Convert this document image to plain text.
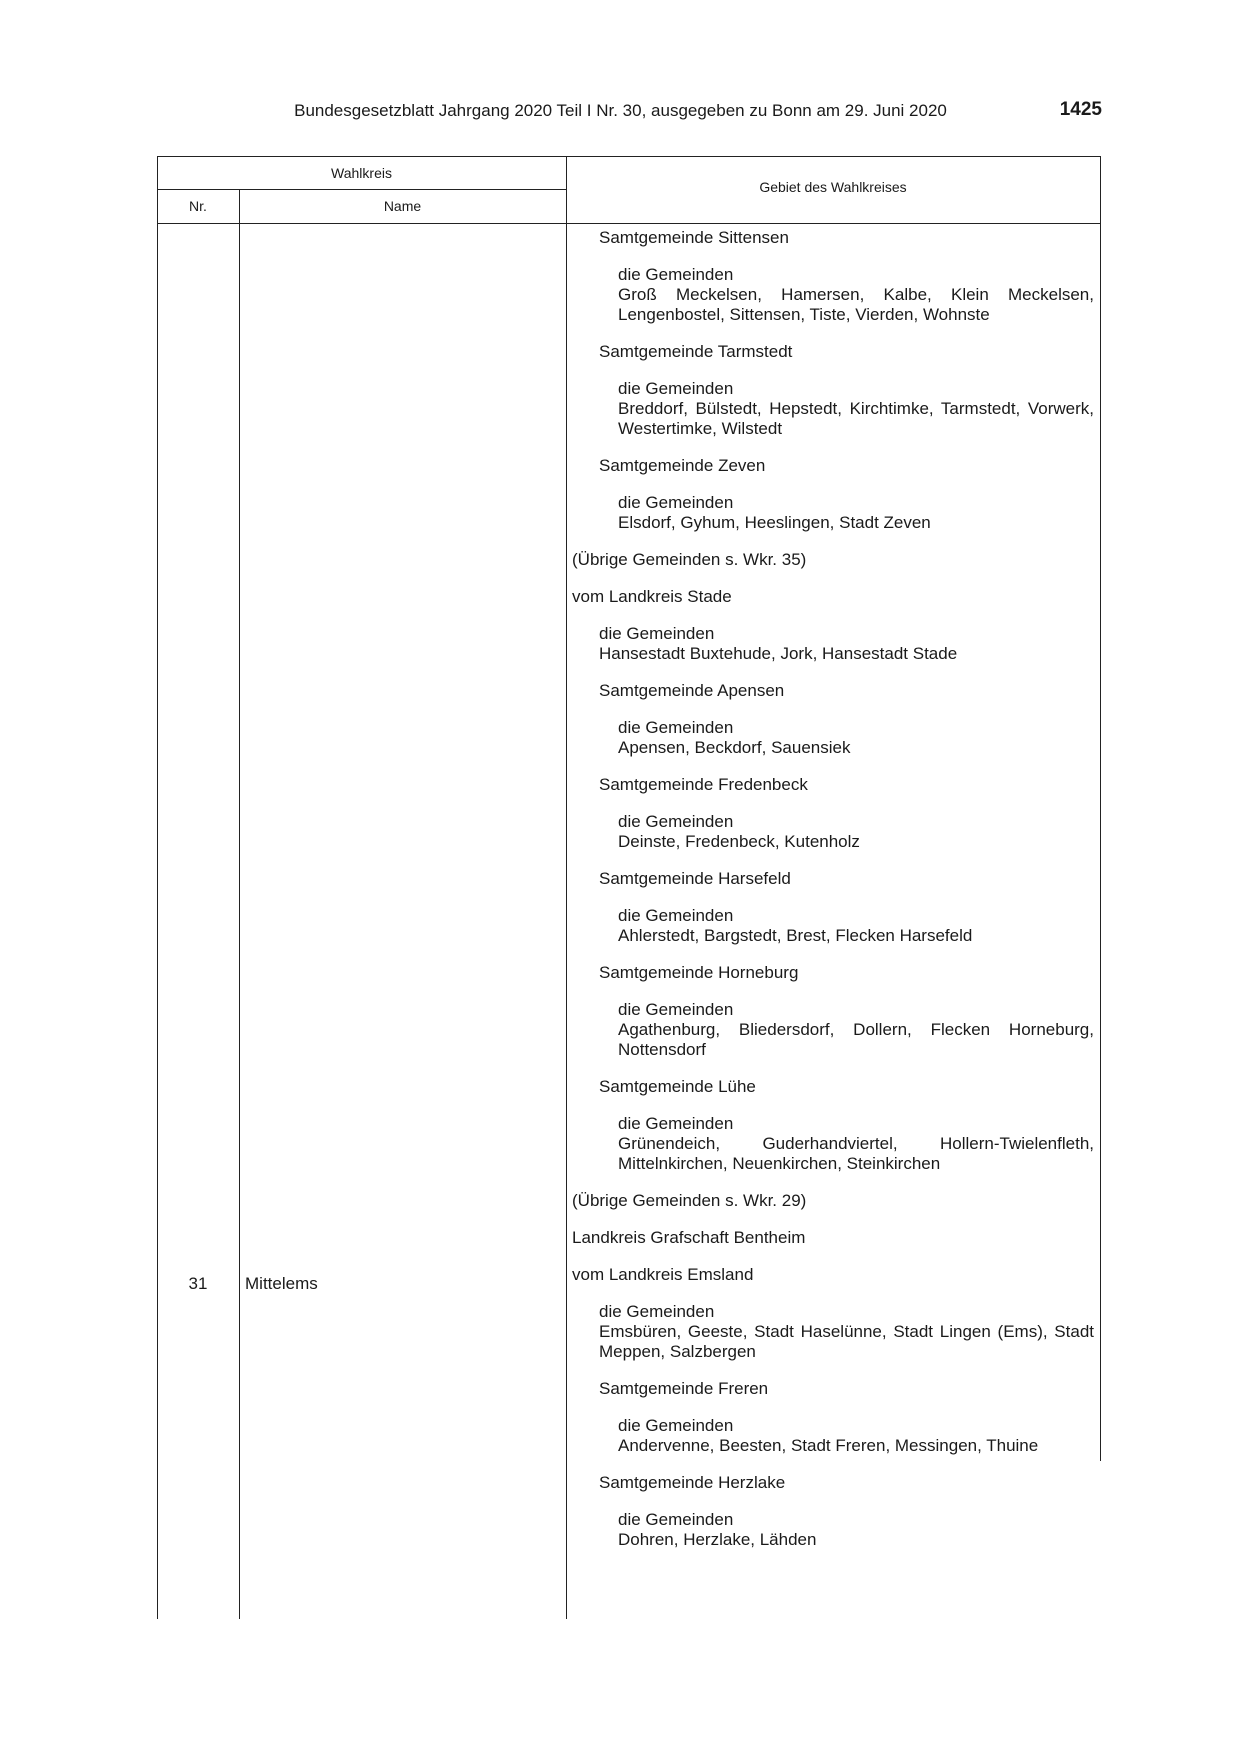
Bundesgesetzblatt Jahrgang 2020 Teil I Nr. 30, ausgegeben zu Bonn am 29. Juni 2020	1425
Wahlkreis
Nr.	Name
Gebiet des Wahlkreises
31	Mittelems
Samtgemeinde Sittensen
die Gemeinden
Groß Meckelsen, Hamersen, Kalbe, Klein Meckelsen, Lengenbostel, Sittensen, Tiste, Vierden, Wohnste
Samtgemeinde Tarmstedt
die Gemeinden
Breddorf, Bülstedt, Hepstedt, Kirchtimke, Tarmstedt, Vorwerk, Westertimke, Wilstedt
Samtgemeinde Zeven
die Gemeinden
Elsdorf, Gyhum, Heeslingen, Stadt Zeven
(Übrige Gemeinden s. Wkr. 35)
vom Landkreis Stade
die Gemeinden
Hansestadt Buxtehude, Jork, Hansestadt Stade
Samtgemeinde Apensen
die Gemeinden
Apensen, Beckdorf, Sauensiek
Samtgemeinde Fredenbeck
die Gemeinden
Deinste, Fredenbeck, Kutenholz
Samtgemeinde Harsefeld
die Gemeinden
Ahlerstedt, Bargstedt, Brest, Flecken Harsefeld
Samtgemeinde Horneburg
die Gemeinden
Agathenburg, Bliedersdorf, Dollern, Flecken Horneburg, Nottensdorf
Samtgemeinde Lühe
die Gemeinden
Grünendeich, Guderhandviertel, Hollern-Twielenfleth, Mittelnkirchen, Neuenkirchen, Steinkirchen
(Übrige Gemeinden s. Wkr. 29)
Landkreis Grafschaft Bentheim
vom Landkreis Emsland
die Gemeinden
Emsbüren, Geeste, Stadt Haselünne, Stadt Lingen (Ems), Stadt Meppen, Salzbergen
Samtgemeinde Freren
die Gemeinden
Andervenne, Beesten, Stadt Freren, Messingen, Thuine
Samtgemeinde Herzlake
die Gemeinden
Dohren, Herzlake, Lähden
